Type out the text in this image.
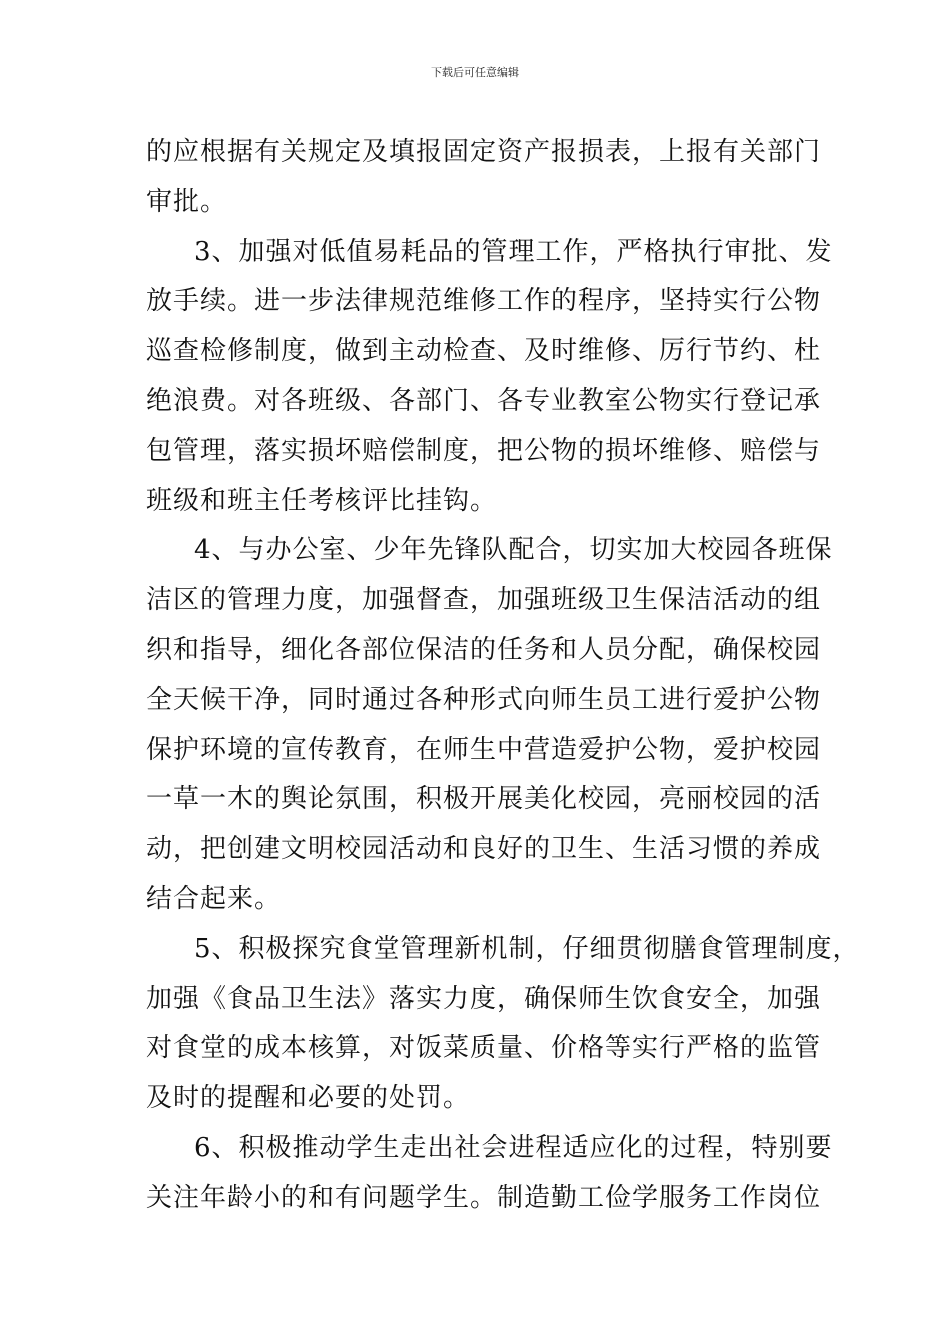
下载后可任意编辑
的应根据有关规定及填报固定资产报损表，上报有关部门
审批。
3、加强对低值易耗品的管理工作，严格执行审批、发
放手续。进一步法律规范维修工作的程序，坚持实行公物
巡查检修制度，做到主动检查、及时维修、厉行节约、杜
绝浪费。对各班级、各部门、各专业教室公物实行登记承
包管理，落实损坏赔偿制度，把公物的损坏维修、赔偿与
班级和班主任考核评比挂钩。
4、与办公室、少年先锋队配合，切实加大校园各班保
洁区的管理力度，加强督查，加强班级卫生保洁活动的组
织和指导，细化各部位保洁的任务和人员分配，确保校园
全天候干净，同时通过各种形式向师生员工进行爱护公物
保护环境的宣传教育，在师生中营造爱护公物，爱护校园
一草一木的舆论氛围，积极开展美化校园，亮丽校园的活
动，把创建文明校园活动和良好的卫生、生活习惯的养成
结合起来。
5、积极探究食堂管理新机制，仔细贯彻膳食管理制度，
加强《食品卫生法》落实力度，确保师生饮食安全，加强
对食堂的成本核算，对饭菜质量、价格等实行严格的监管
及时的提醒和必要的处罚。
6、积极推动学生走出社会进程适应化的过程，特别要
关注年龄小的和有问题学生。制造勤工俭学服务工作岗位
